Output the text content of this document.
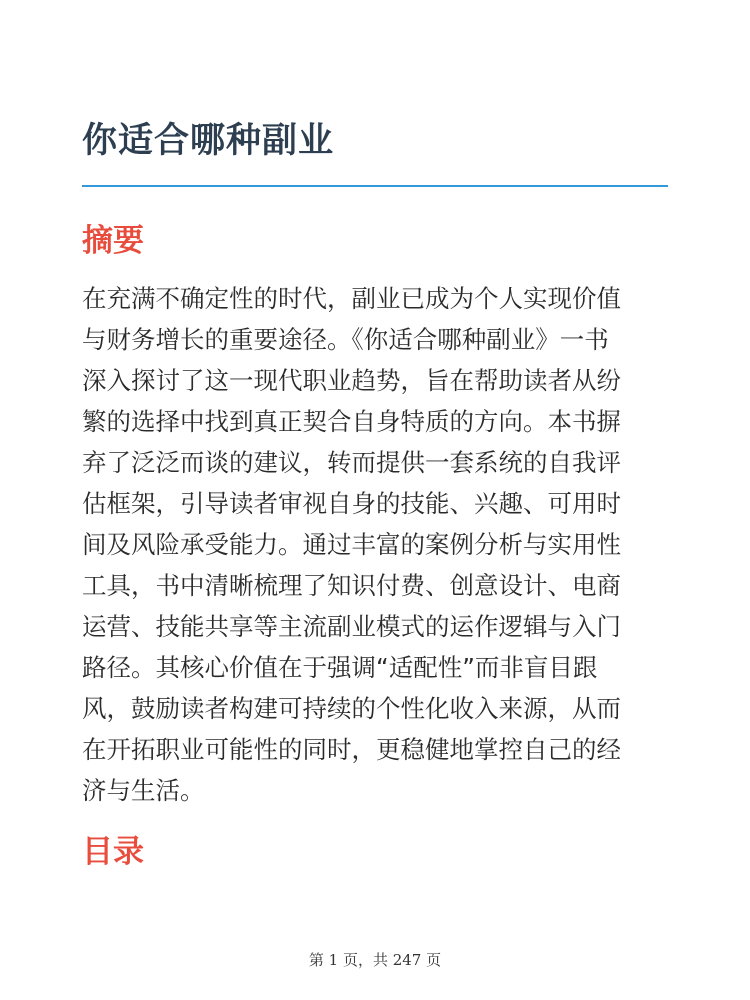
你适合哪种副业
摘要

在充满不确定性的时代，副业已成为个人实现价值
与财务增长的重要途径。《你适合哪种副业》一书
深入探讨了这一现代职业趋势，旨在帮助读者从纷
繁的选择中找到真正契合自身特质的方向。本书摒
弃了泛泛而谈的建议，转而提供一套系统的自我评
估框架，引导读者审视自身的技能、兴趣、可用时
间及风险承受能力。通过丰富的案例分析与实用性
工具，书中清晰梳理了知识付费、创意设计、电商
运营、技能共享等主流副业模式的运作逻辑与入门
路径。其核心价值在于强调“适配性”而非盲目跟
风，鼓励读者构建可持续的个性化收入来源，从而
在开拓职业可能性的同时，更稳健地掌控自己的经
济与生活。

目录
第 1 页，共 247 页
